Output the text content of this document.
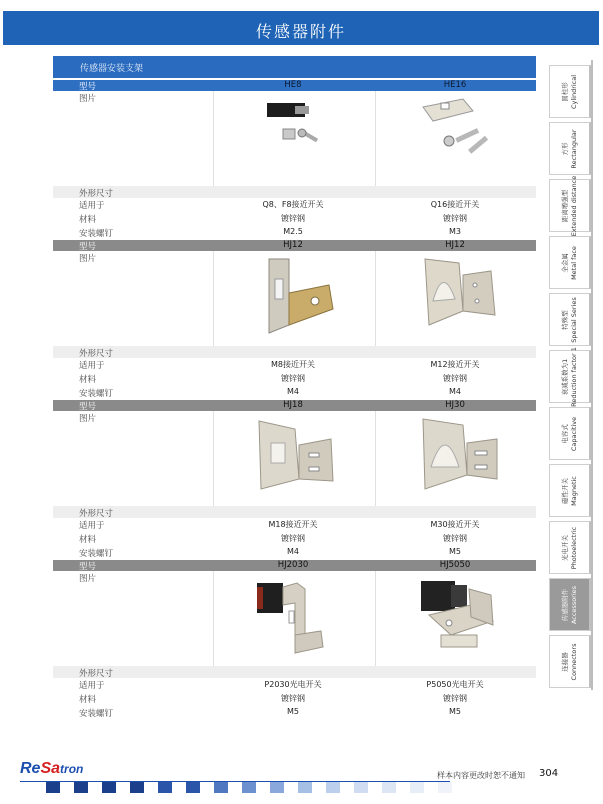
传感器附件
传感器安装支架
型号	HE8	HE16
图片
外形尺寸
适用于	Q8、F8接近开关	Q16接近开关
材料	镀锌钢	镀锌钢
安装螺钉	M2.5	M3
型号	HJ12	HJ12
图片
外形尺寸
适用于	M8接近开关	M12接近开关
材料	镀锌钢	镀锌钢
安装螺钉	M4	M4
型号	HJ18	HJ30
图片
外形尺寸
适用于	M18接近开关	M30接近开关
材料	镀锌钢	镀锌钢
安装螺钉	M4	M5
型号	HJ2030	HJ5050
图片
外形尺寸
适用于	P2030光电开关	P5050光电开关
材料	镀锌钢	镀锌钢
安装螺钉	M5	M5
圆柱形 Cylindrical
方形 Rectangular
距离增强型 Extended distance
全金属 Metal face
特殊型 Special Series
衰减系数为1 Reduction factor 1
电容式 Capacitive
磁性开关 Magnetic
光电开关 Photoelectric
传感器附件 Accessories
连接器 Connectors
ReSatron	样本内容更改时恕不通知 304
